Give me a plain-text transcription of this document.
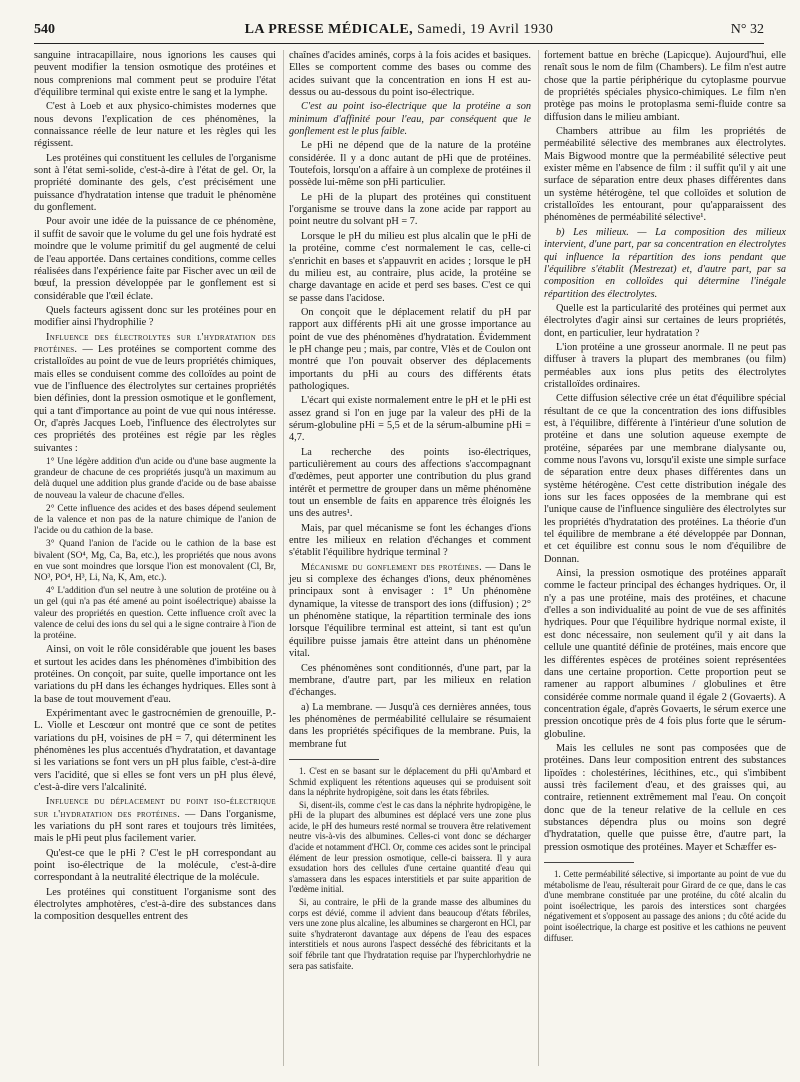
540	LA PRESSE MÉDICALE, Samedi, 19 Avril 1930	N° 32

sanguine intracapillaire, nous ignorions les causes qui peuvent modifier la tension osmotique des protéines et nous comprenions mal comment peut se produire l'état d'équilibre terminal qui existe entre le sang et la lymphe.

C'est à Loeb et aux physico-chimistes modernes que nous devons l'explication de ces phénomènes, la connaissance réelle de leur nature et les règles qui les régissent.

Les protéines qui constituent les cellules de l'organisme sont à l'état semi-solide, c'est-à-dire à l'état de gel. Or, la propriété dominante des gels, c'est précisément une puissance d'hydratation intense que traduit le phénomène du gonflement.

Pour avoir une idée de la puissance de ce phénomène, il suffit de savoir que le volume du gel une fois hydraté est moindre que le volume primitif du gel augmenté de celui de l'eau apportée. Dans certaines conditions, comme celles réalisées dans l'expérience faite par Fischer avec un œil de bœuf, la pression développée par le gonflement est si considérable que l'œil éclate.

Quels facteurs agissent donc sur les protéines pour en modifier ainsi l'hydrophilie ?

Influence des électrolytes sur l'hydratation des protéines. — Les protéines se comportent comme des cristalloïdes au point de vue de leurs propriétés chimiques, mais elles se conduisent comme des colloïdes au point de vue de l'influence des électrolytes sur certaines propriétés bien définies, dont la pression osmotique et le gonflement, qui a tant d'importance au point de vue qui nous intéresse. Or, d'après Jacques Loeb, l'influence des électrolytes sur ces propriétés des protéines est régie par les règles suivantes :

1° Une légère addition d'un acide ou d'une base augmente la grandeur de chacune de ces propriétés jusqu'à un maximum au delà duquel une addition plus grande d'acide ou de base abaisse de nouveau la valeur de chacune d'elles.

2° Cette influence des acides et des bases dépend seulement de la valence et non pas de la nature chimique de l'anion de l'acide ou du cathion de la base.

3° Quand l'anion de l'acide ou le cathion de la base est bivalent (SO⁴, Mg, Ca, Ba, etc.), les propriétés que nous avons en vue sont moindres que lorsque l'ion est monovalent (Cl, Br, NO³, PO⁴, H³, Li, Na, K, Am, etc.).

4° L'addition d'un sel neutre à une solution de protéine ou à un gel (qui n'a pas été amené au point isoélectrique) abaisse la valeur des propriétés en question. Cette influence croît avec la valence de celui des ions du sel qui a le signe contraire à l'ion de la protéine.

Ainsi, on voit le rôle considérable que jouent les bases et surtout les acides dans les phénomènes d'imbibition des protéines. On conçoit, par suite, quelle importance ont les variations du pH dans les échanges hydriques. Elles sont à la base de tout mouvement d'eau.

Expérimentant avec le gastrocnémien de grenouille, P.-L. Violle et Lescœur ont montré que ce sont de petites variations du pH, voisines de pH = 7, qui déterminent les phénomènes les plus accentués d'hydratation, et davantage si les variations se font vers un pH plus faible, c'est-à-dire vers l'acidité, que si elles se font vers un pH plus élevé, c'est-à-dire vers l'alcalinité.

Influence du déplacement du point iso-électrique sur l'hydratation des protéines. — Dans l'organisme, les variations du pH sont rares et toujours très limitées, mais le pHi peut plus facilement varier.

Qu'est-ce que le pHi ? C'est le pH correspondant au point iso-électrique de la molécule, c'est-à-dire correspondant à la neutralité électrique de la molécule.

Les protéines qui constituent l'organisme sont des électrolytes amphotères, c'est-à-dire des substances dans la composition desquelles entrent des

chaînes d'acides aminés, corps à la fois acides et basiques. Elles se comportent comme des bases ou comme des acides suivant que la concentration en ions H est au-dessus ou au-dessous du point iso-électrique.

C'est au point iso-électrique que la protéine a son minimum d'affinité pour l'eau, par conséquent que le gonflement est le plus faible.

Le pHi ne dépend que de la nature de la protéine considérée. Il y a donc autant de pHi que de protéines. Toutefois, lorsqu'on a affaire à un complexe de protéines il possède lui-même son pHi particulier.

Le pHi de la plupart des protéines qui constituent l'organisme se trouve dans la zone acide par rapport au point neutre du solvant pH = 7.

Lorsque le pH du milieu est plus alcalin que le pHi de la protéine, comme c'est normalement le cas, celle-ci s'enrichit en bases et s'appauvrit en acides ; lorsque le pH du milieu est, au contraire, plus acide, la protéine se charge davantage en acide et perd ses bases. C'est ce qui se passe dans l'acidose.

On conçoit que le déplacement relatif du pH par rapport aux différents pHi ait une grosse importance au point de vue des phénomènes d'hydratation. Évidemment le pH change peu ; mais, par contre, Vlès et de Coulon ont montré que l'on pouvait observer des déplacements importants du pHi au cours des différents états pathologiques.

L'écart qui existe normalement entre le pH et le pHi est assez grand si l'on en juge par la valeur des pHi de la sérum-globuline pHi = 5,5 et de la sérum-albumine pHi = 4,7.

La recherche des points iso-électriques, particulièrement au cours des affections s'accompagnant d'œdèmes, peut apporter une contribution du plus grand intérêt et permettre de grouper dans un même phénomène tout un ensemble de faits en apparence très éloignés les uns des autres¹.

Mais, par quel mécanisme se font les échanges d'ions entre les milieux en relation d'échanges et comment s'établit l'équilibre hydrique terminal ?

Mécanisme du gonflement des protéines. — Dans le jeu si complexe des échanges d'ions, deux phénomènes principaux sont à envisager : 1° Un phénomène dynamique, la vitesse de transport des ions (diffusion) ; 2° un phénomène statique, la répartition terminale des ions lorsque l'équilibre terminal est atteint, si tant est qu'un équilibre puisse jamais être atteint dans un phénomène vital.

Ces phénomènes sont conditionnés, d'une part, par la membrane, d'autre part, par les milieux en relation d'échanges.

a) La membrane. — Jusqu'à ces dernières années, tous les phénomènes de perméabilité cellulaire se résumaient dans les propriétés spécifiques de la membrane. Puis, la membrane fut

1. C'est en se basant sur le déplacement du pHi qu'Ambard et Schmid expliquent les rétentions aqueuses qui se produisent soit dans la néphrite hydropigène, soit dans les états fébriles.

Si, disent-ils, comme c'est le cas dans la néphrite hydropigène, le pHi de la plupart des albumines est déplacé vers une zone plus acide, le pH des humeurs resté normal se trouvera être relativement neutre vis-à-vis des albumines. Celles-ci vont donc se décharger d'acide et notamment d'HCl. Or, comme ces acides sont le principal élément de leur pression osmotique, celle-ci baissera. Il y aura exsudation hors des cellules d'une certaine quantité d'eau qui s'amassera dans les espaces interstitiels et par suite apparition de l'œdème initial.

Si, au contraire, le pHi de la grande masse des albumines du corps est dévié, comme il advient dans beaucoup d'états fébriles, vers une zone plus alcaline, les albumines se chargeront en HCl, par suite s'hydrateront davantage aux dépens de l'eau des espaces interstitiels et nous aurons l'aspect desséché des fébricitants et la soif fébrile tant que l'hydratation requise par l'hyperchlorhydrie ne sera pas satisfaite.

fortement battue en brèche (Lapicque). Aujourd'hui, elle renaît sous le nom de film (Chambers). Le film n'est autre chose que la partie périphérique du cytoplasme pourvue de propriétés spéciales physico-chimiques. Le film n'en protège pas moins le protoplasma semi-fluide contre sa diffusion dans le milieu ambiant.

Chambers attribue au film les propriétés de perméabilité sélective des membranes aux électrolytes. Mais Bigwood montre que la perméabilité sélective peut exister même en l'absence de film : il suffit qu'il y ait une surface de séparation entre deux phases différentes dans un système hétérogène, tel que colloïdes et solution de cristalloïdes les entourant, pour qu'apparaissent des phénomènes de perméabilité sélective¹.

b) Les milieux. — La composition des milieux intervient, d'une part, par sa concentration en électrolytes qui influence la répartition des ions pendant que l'équilibre s'établit (Mestrezat) et, d'autre part, par sa composition en colloïdes qui détermine l'inégale répartition des électrolytes.

Quelle est la particularité des protéines qui permet aux électrolytes d'agir ainsi sur certaines de leurs propriétés, dont, en particulier, leur hydratation ?

L'ion protéine a une grosseur anormale. Il ne peut pas diffuser à travers la plupart des membranes (ou film) perméables aux ions plus petits des électrolytes cristalloïdes ordinaires.

Cette diffusion sélective crée un état d'équilibre spécial résultant de ce que la concentration des ions diffusibles est, à l'équilibre, différente à l'intérieur d'une solution de protéine et dans une solution aqueuse exempte de protéine, séparées par une membrane dialysante ou, comme nous l'avons vu, lorsqu'il existe une simple surface de séparation entre deux phases différentes dans un système hétérogène. C'est cette distribution inégale des ions sur les faces opposées de la membrane qui est l'unique cause de l'influence singulière des électrolytes sur les propriétés d'hydratation des protéines. La théorie d'un tel équilibre de membrane a été développée par Donnan, et cet équilibre est connu sous le nom d'équilibre de Donnan.

Ainsi, la pression osmotique des protéines apparaît comme le facteur principal des échanges hydriques. Or, il n'y a pas une protéine, mais des protéines, et chacune d'elles a son individualité au point de vue de ses affinités hydriques. Pour que l'équilibre hydrique normal existe, il est donc nécessaire, non seulement qu'il y ait dans la cellule une quantité définie de protéines, mais encore que les différentes espèces de protéines soient représentées dans une certaine proportion. Cette proportion peut se ramener au rapport albumines / globulines et être considérée comme normale quand il égale 2 (Govaerts). A concentration égale, d'après Govaerts, le sérum exerce une pression oncotique près de 4 fois plus forte que le sérum-globuline.

Mais les cellules ne sont pas composées que de protéines. Dans leur composition entrent des substances lipoïdes : cholestérines, lécithines, etc., qui s'imbibent aussi très facilement d'eau, et des graisses qui, au contraire, retiennent extrêmement mal l'eau. On conçoit donc que de la teneur relative de la cellule en ces substances dépendra plus ou moins son degré d'hydratation, quelle que puisse être, d'autre part, la pression osmotique des protéines. Mayer et Schæffer es-

1. Cette perméabilité sélective, si importante au point de vue du métabolisme de l'eau, résulterait pour Girard de ce que, dans le cas d'une membrane constituée par une protéine, du côté alcalin du point isoélectrique, les parois des interstices sont chargées négativement et s'opposent au passage des anions ; du côté acide du point isoélectrique, la charge est positive et les cathions ne peuvent diffuser.
